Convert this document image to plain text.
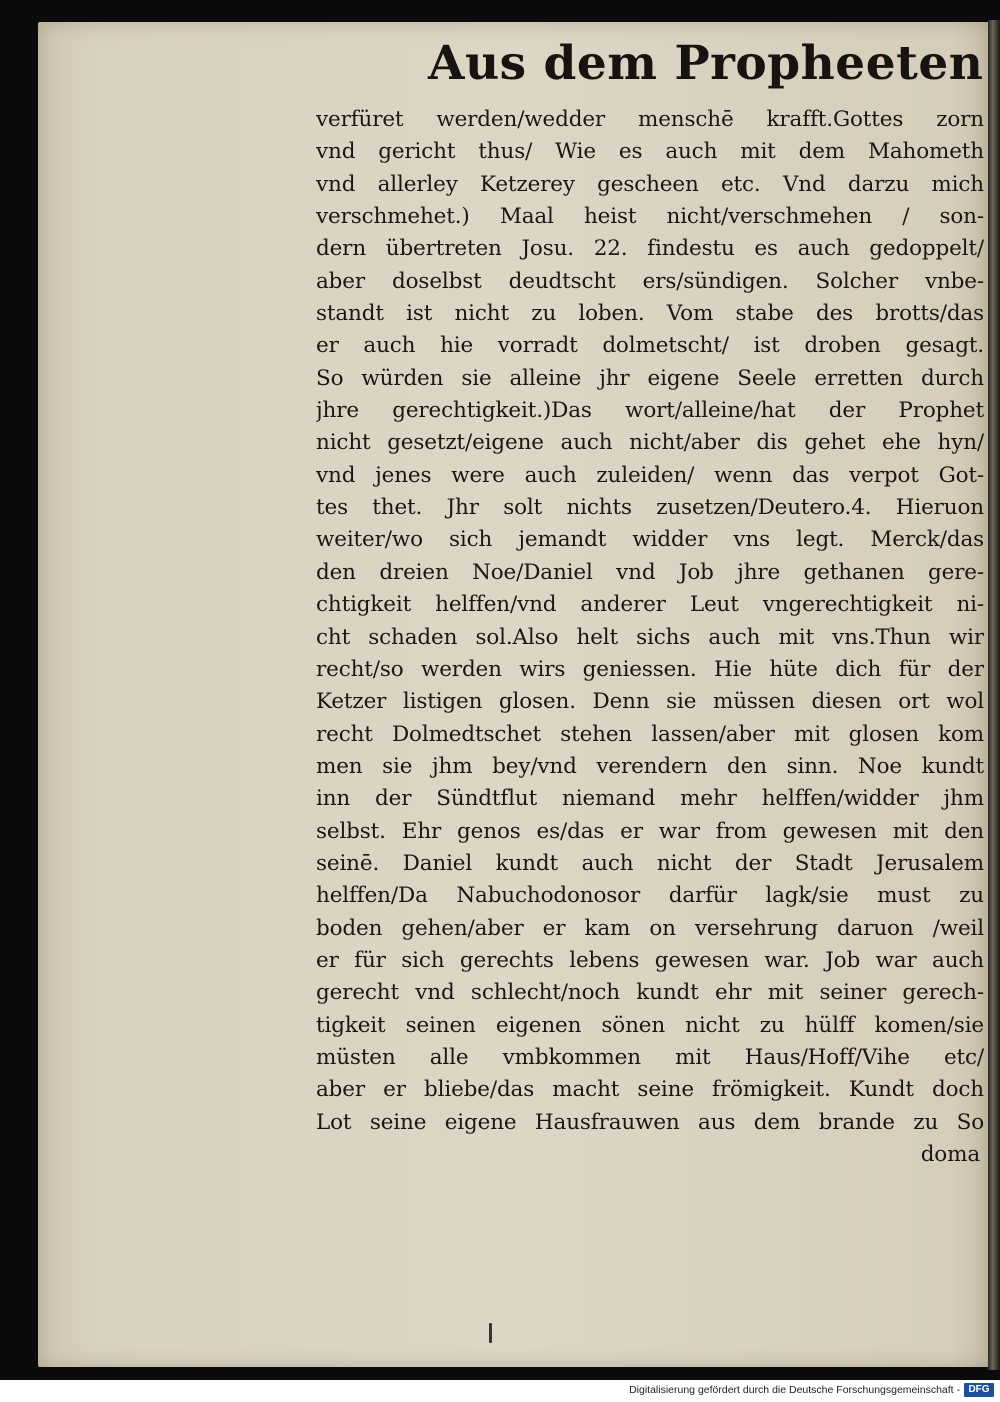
Aus dem Propheeten
verfüret werden/wedder menschē krafft.Gottes zorn
vnd gericht thus/ Wie es auch mit dem Mahometh
vnd allerley Ketzerey gescheen etc. Vnd darzu mich
verschmehet.) Maal heist nicht/verschmehen / son-
dern übertreten Josu. 22. findestu es auch gedoppelt/
aber doselbst deudtscht ers/sündigen. Solcher vnbe-
standt ist nicht zu loben. Vom stabe des brotts/das
er auch hie vorradt dolmetscht/ ist droben gesagt.
So würden sie alleine jhr eigene Seele erretten durch
jhre gerechtigkeit.)Das wort/alleine/hat der Prophet
nicht gesetzt/eigene auch nicht/aber dis gehet ehe hyn/
vnd jenes were auch zuleiden/ wenn das verpot Got-
tes thet. Jhr solt nichts zusetzen/Deutero.4. Hieruon
weiter/wo sich jemandt widder vns legt. Merck/das
den dreien Noe/Daniel vnd Job jhre gethanen gere-
chtigkeit helffen/vnd anderer Leut vngerechtigkeit ni-
cht schaden sol.Also helt sichs auch mit vns.Thun wir
recht/so werden wirs geniessen. Hie hüte dich für der
Ketzer listigen glosen. Denn sie müssen diesen ort wol
recht Dolmedtschet stehen lassen/aber mit glosen kom
men sie jhm bey/vnd verendern den sinn. Noe kundt
inn der Sündtflut niemand mehr helffen/widder jhm
selbst. Ehr genos es/das er war from gewesen mit den
seinē. Daniel kundt auch nicht der Stadt Jerusalem
helffen/Da Nabuchodonosor darfür lagk/sie must zu
boden gehen/aber er kam on versehrung daruon /weil
er für sich gerechts lebens gewesen war. Job war auch
gerecht vnd schlecht/noch kundt ehr mit seiner gerech-
tigkeit seinen eigenen sönen nicht zu hülff komen/sie
müsten alle vmbkommen mit Haus/Hoff/Vihe etc/
aber er bliebe/das macht seine frömigkeit. Kundt doch
Lot seine eigene Hausfrauwen aus dem brande zu So
doma
Digitalisierung gefördert durch die Deutsche Forschungsgemeinschaft - DFG
